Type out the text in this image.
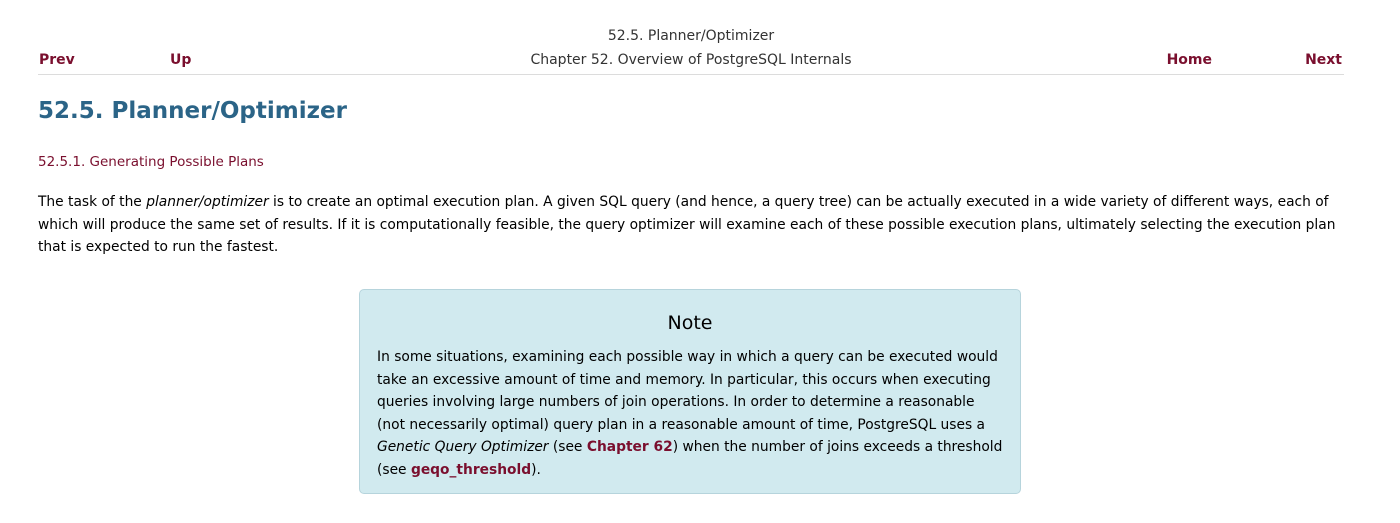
52.5. Planner/Optimizer
Chapter 52. Overview of PostgreSQL Internals
Prev	Up	Home	Next
52.5. Planner/Optimizer
52.5.1. Generating Possible Plans

The task of the planner/optimizer is to create an optimal execution plan. A given SQL query (and hence, a query tree) can be actually executed in a wide variety of different ways, each of which will produce the same set of results. If it is computationally feasible, the query optimizer will examine each of these possible execution plans, ultimately selecting the execution plan that is expected to run the fastest.

Note

In some situations, examining each possible way in which a query can be executed would take an excessive amount of time and memory. In particular, this occurs when executing queries involving large numbers of join operations. In order to determine a reasonable (not necessarily optimal) query plan in a reasonable amount of time, PostgreSQL uses a Genetic Query Optimizer (see Chapter 62) when the number of joins exceeds a threshold (see geqo_threshold).
